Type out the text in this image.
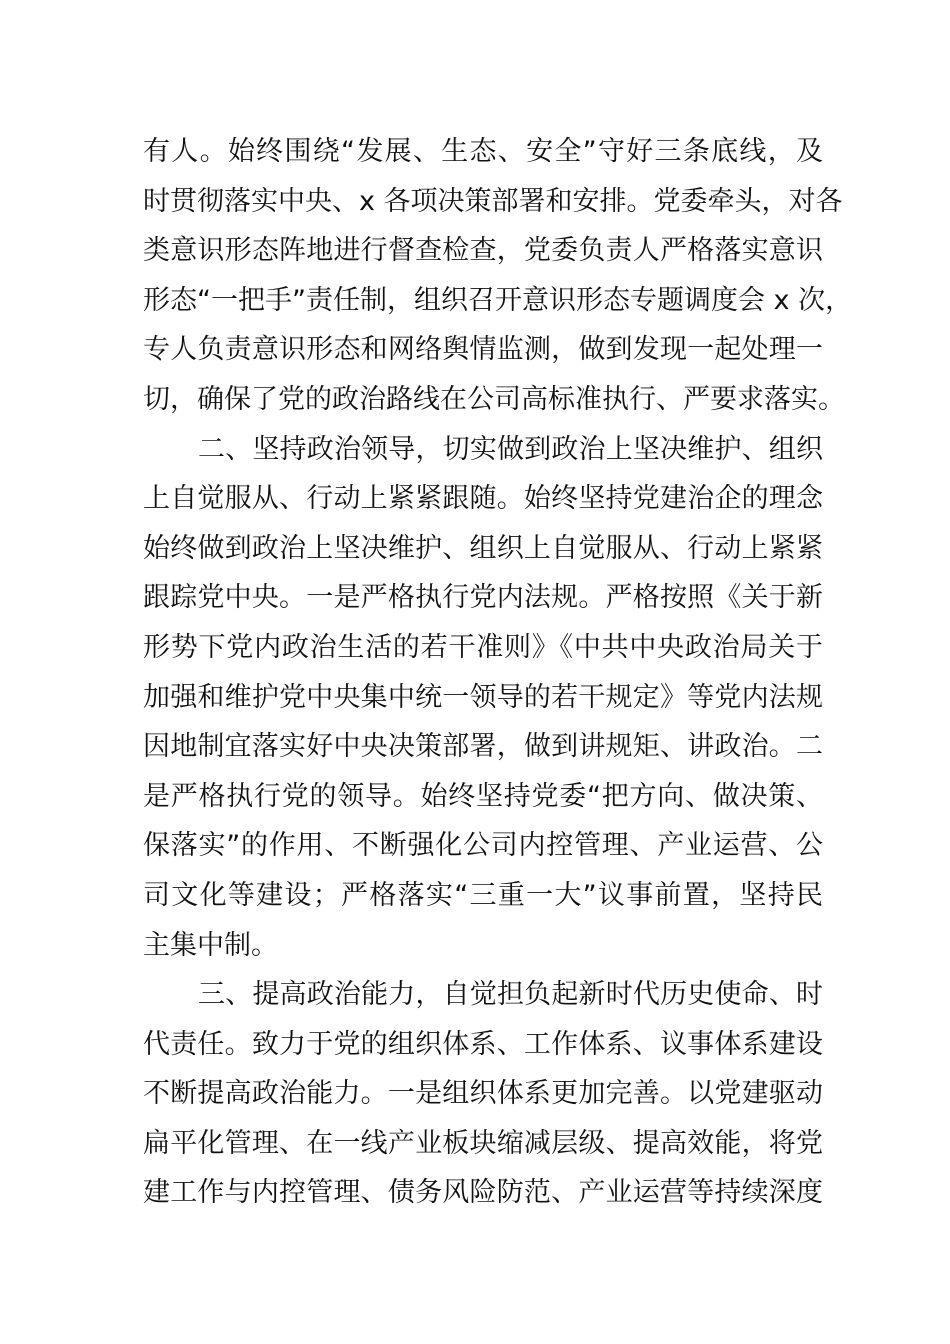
有人。始终围绕“发展、生态、安全”守好三条底线，及
时贯彻落实中央、x 各项决策部署和安排。党委牵头，对各
类意识形态阵地进行督查检查，党委负责人严格落实意识
形态“一把手”责任制，组织召开意识形态专题调度会 x 次，
专人负责意识形态和网络舆情监测，做到发现一起处理一
切，确保了党的政治路线在公司高标准执行、严要求落实。
二、坚持政治领导，切实做到政治上坚决维护、组织
上自觉服从、行动上紧紧跟随。始终坚持党建治企的理念
始终做到政治上坚决维护、组织上自觉服从、行动上紧紧
跟踪党中央。一是严格执行党内法规。严格按照《关于新
形势下党内政治生活的若干准则》《中共中央政治局关于
加强和维护党中央集中统一领导的若干规定》等党内法规
因地制宜落实好中央决策部署，做到讲规矩、讲政治。二
是严格执行党的领导。始终坚持党委“把方向、做决策、
保落实”的作用、不断强化公司内控管理、产业运营、公
司文化等建设；严格落实“三重一大”议事前置，坚持民
主集中制。
三、提高政治能力，自觉担负起新时代历史使命、时
代责任。致力于党的组织体系、工作体系、议事体系建设
不断提高政治能力。一是组织体系更加完善。以党建驱动
扁平化管理、在一线产业板块缩减层级、提高效能，将党
建工作与内控管理、债务风险防范、产业运营等持续深度
